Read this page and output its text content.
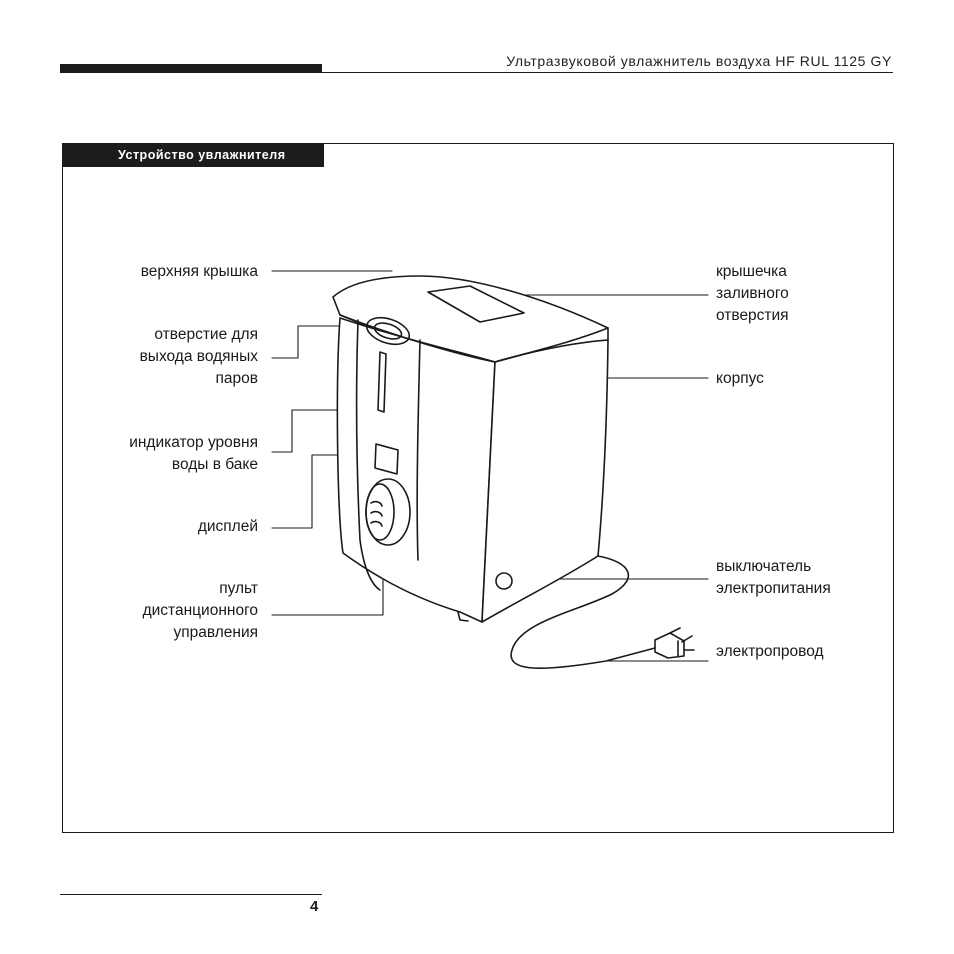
Ультразвуковой увлажнитель воздуха HF RUL 1125 GY
Устройство увлажнителя
верхняя крышка
отверстие для
выхода водяных
паров
индикатор уровня
воды в баке
дисплей
пульт
дистанционного
управления
крышечка
заливного
отверстия
корпус
выключатель
электропитания
электропровод
4
